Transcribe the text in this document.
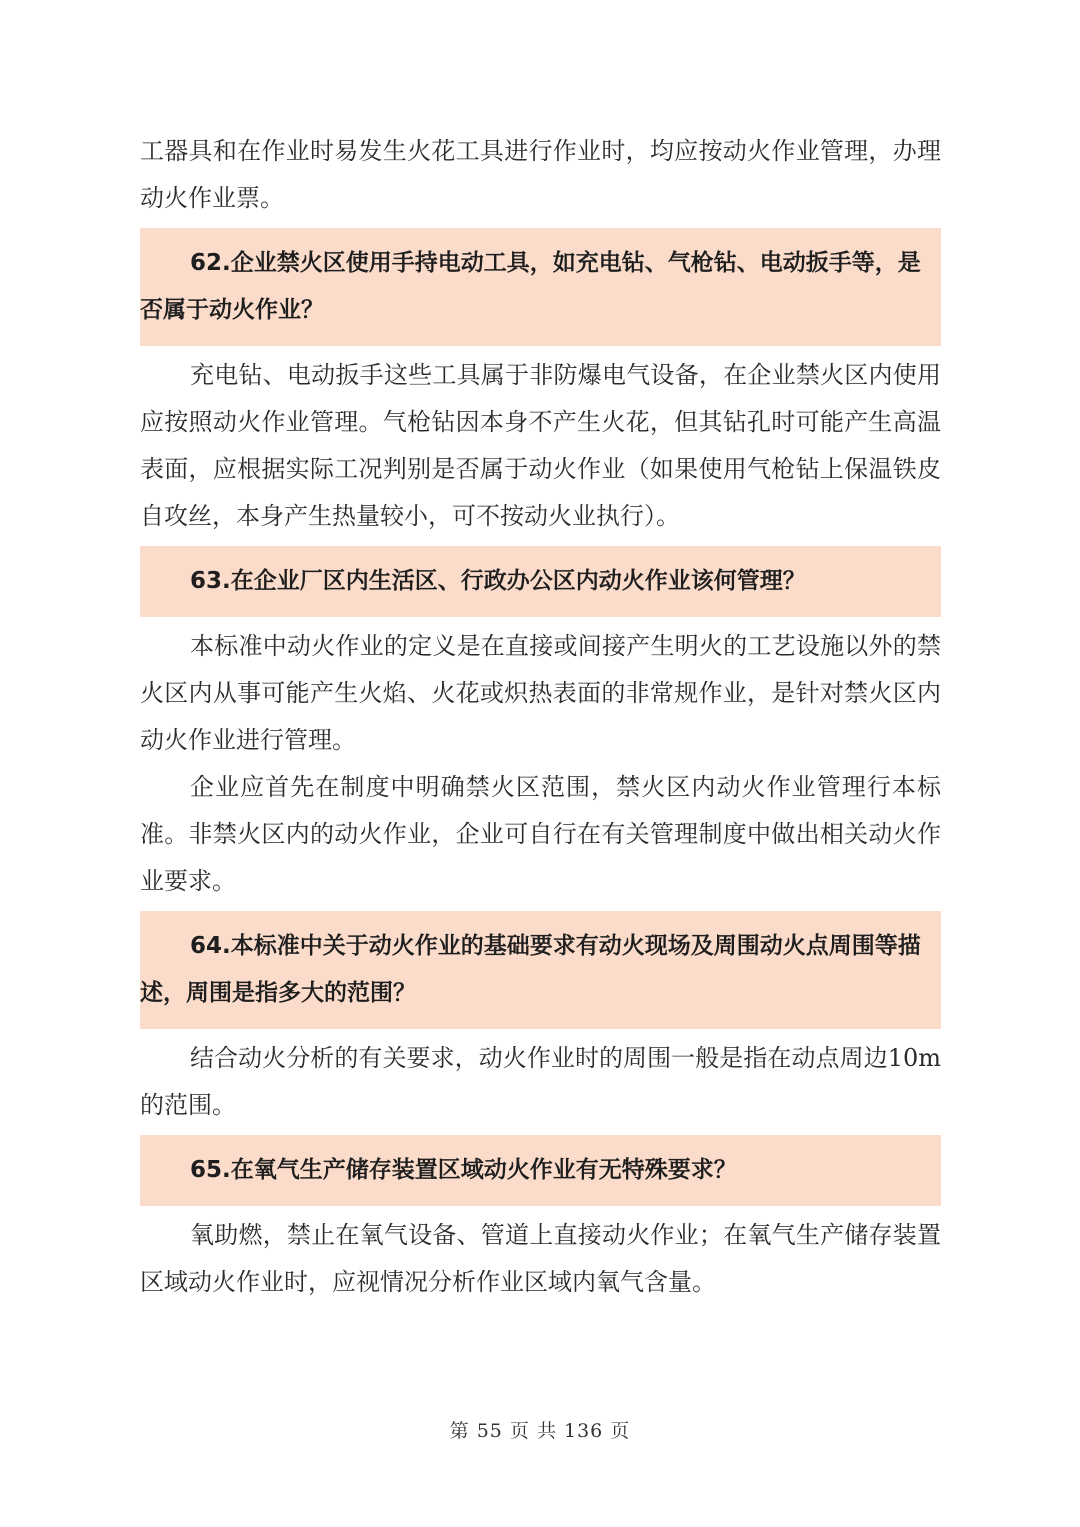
工器具和在作业时易发生火花工具进行作业时，均应按动火作业管理，办理动火作业票。

62.企业禁火区使用手持电动工具，如充电钻、气枪钻、电动扳手等，是否属于动火作业？

充电钻、电动扳手这些工具属于非防爆电气设备，在企业禁火区内使用应按照动火作业管理。气枪钻因本身不产生火花，但其钻孔时可能产生高温表面，应根据实际工况判别是否属于动火作业（如果使用气枪钻上保温铁皮自攻丝，本身产生热量较小，可不按动火业执行）。

63.在企业厂区内生活区、行政办公区内动火作业该何管理？

本标准中动火作业的定义是在直接或间接产生明火的工艺设施以外的禁火区内从事可能产生火焰、火花或炽热表面的非常规作业，是针对禁火区内动火作业进行管理。

企业应首先在制度中明确禁火区范围，禁火区内动火作业管理行本标准。非禁火区内的动火作业，企业可自行在有关管理制度中做出相关动火作业要求。

64.本标准中关于动火作业的基础要求有动火现场及周围动火点周围等描述，周围是指多大的范围？

结合动火分析的有关要求，动火作业时的周围一般是指在动点周边10m 的范围。

65.在氧气生产储存装置区域动火作业有无特殊要求？

氧助燃，禁止在氧气设备、管道上直接动火作业；在氧气生产储存装置区域动火作业时，应视情况分析作业区域内氧气含量。

第 55 页 共 136 页
